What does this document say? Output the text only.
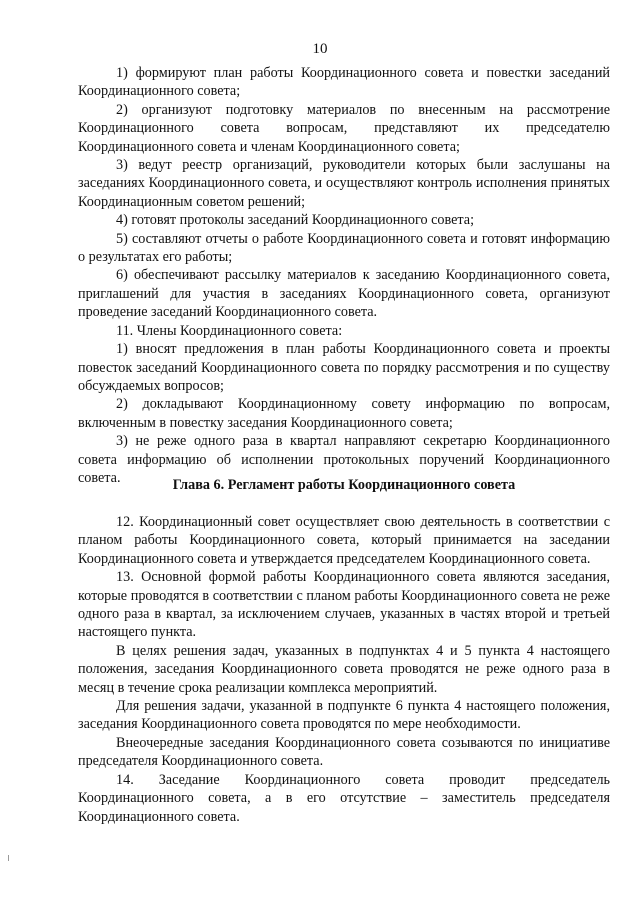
10

1) формируют план работы Координационного совета и повестки заседаний Координационного совета;

2) организуют подготовку материалов по внесенным на рассмотрение Координационного совета вопросам, представляют их председателю Координационного совета и членам Координационного совета;

3) ведут реестр организаций, руководители которых были заслушаны на заседаниях Координационного совета, и осуществляют контроль исполнения принятых Координационным советом решений;

4) готовят протоколы заседаний Координационного совета;

5) составляют отчеты о работе Координационного совета и готовят информацию о результатах его работы;

6) обеспечивают рассылку материалов к заседанию Координационного совета, приглашений для участия в заседаниях Координационного совета, организуют проведение заседаний Координационного совета.

11. Члены Координационного совета:

1) вносят предложения в план работы Координационного совета и проекты повесток заседаний Координационного совета по порядку рассмотрения и по существу обсуждаемых вопросов;

2) докладывают Координационному совету информацию по вопросам, включенным в повестку заседания Координационного совета;

3) не реже одного раза в квартал направляют секретарю Координационного совета информацию об исполнении протокольных поручений Координационного совета.	Глава 6. Регламент работы Координационного совета

12. Координационный совет осуществляет свою деятельность в соответствии с планом работы Координационного совета, который принимается на заседании Координационного совета и утверждается председателем Координационного совета.

13. Основной формой работы Координационного совета являются заседания, которые проводятся в соответствии с планом работы Координационного совета не реже одного раза в квартал, за исключением случаев, указанных в частях второй и третьей настоящего пункта.

В целях решения задач, указанных в подпунктах 4 и 5 пункта 4 настоящего положения, заседания Координационного совета проводятся не реже одного раза в месяц в течение срока реализации комплекса мероприятий.

Для решения задачи, указанной в подпункте 6 пункта 4 настоящего положения, заседания Координационного совета проводятся по мере необходимости.

Внеочередные заседания Координационного совета созываются по инициативе председателя Координационного совета.

14. Заседание Координационного совета проводит председатель Координационного совета, а в его отсутствие – заместитель председателя Координационного совета.
